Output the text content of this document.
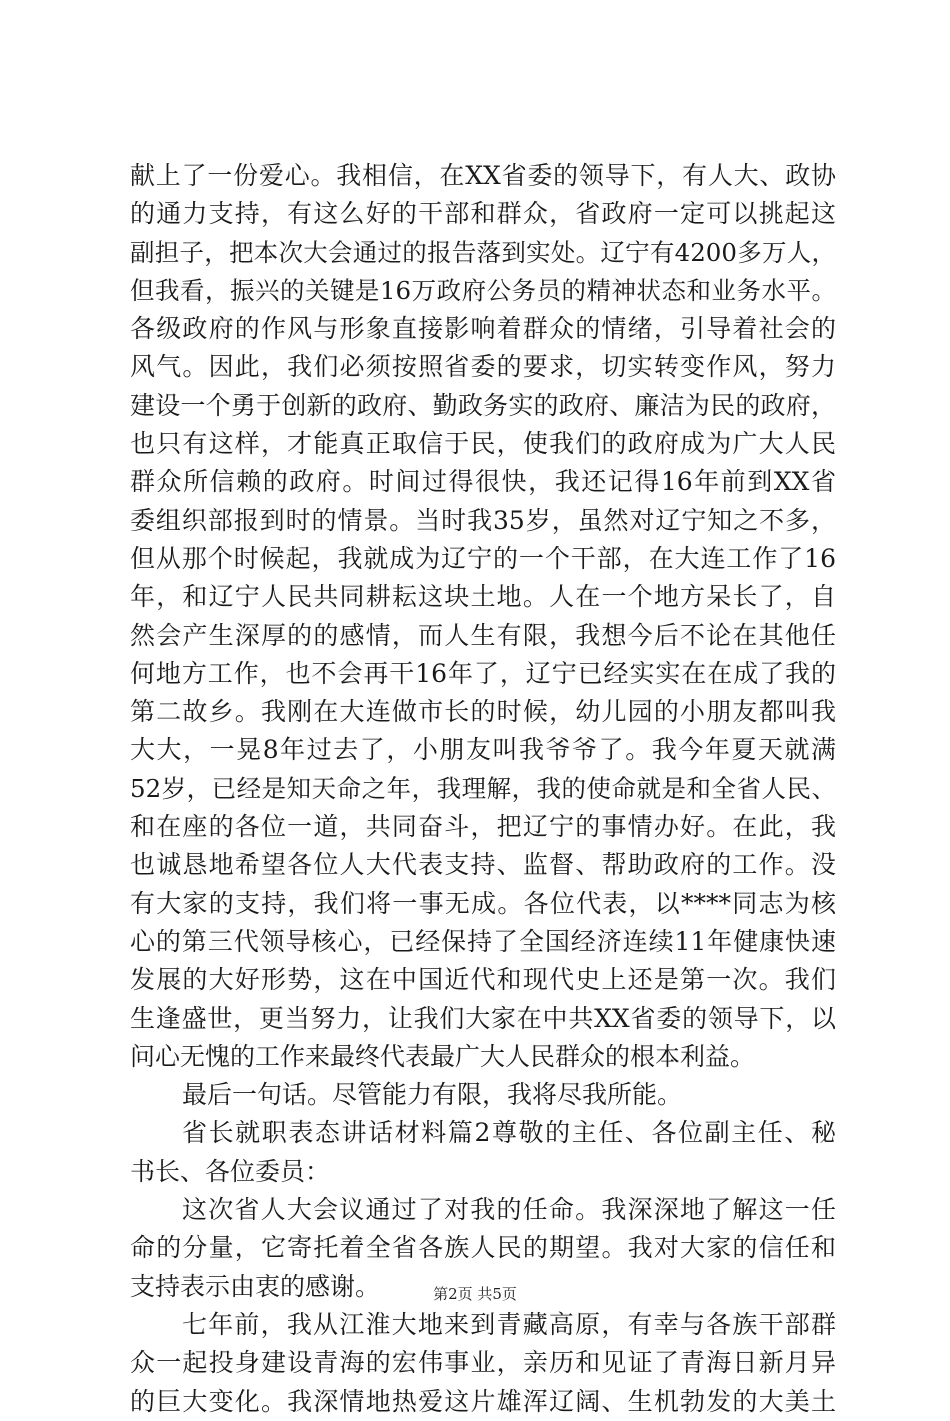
献上了一份爱心。我相信，在XX省委的领导下，有人大、政协
的通力支持，有这么好的干部和群众，省政府一定可以挑起这
副担子，把本次大会通过的报告落到实处。辽宁有4200多万人，
但我看，振兴的关键是16万政府公务员的精神状态和业务水平。
各级政府的作风与形象直接影响着群众的情绪，引导着社会的
风气。因此，我们必须按照省委的要求，切实转变作风，努力
建设一个勇于创新的政府、勤政务实的政府、廉洁为民的政府，
也只有这样，才能真正取信于民，使我们的政府成为广大人民
群众所信赖的政府。时间过得很快，我还记得16年前到XX省
委组织部报到时的情景。当时我35岁，虽然对辽宁知之不多，
但从那个时候起，我就成为辽宁的一个干部，在大连工作了16
年，和辽宁人民共同耕耘这块土地。人在一个地方呆长了，自
然会产生深厚的的感情，而人生有限，我想今后不论在其他任
何地方工作，也不会再干16年了，辽宁已经实实在在成了我的
第二故乡。我刚在大连做市长的时候，幼儿园的小朋友都叫我
大大，一晃8年过去了，小朋友叫我爷爷了。我今年夏天就满
52岁，已经是知天命之年，我理解，我的使命就是和全省人民、
和在座的各位一道，共同奋斗，把辽宁的事情办好。在此，我
也诚恳地希望各位人大代表支持、监督、帮助政府的工作。没
有大家的支持，我们将一事无成。各位代表，以****同志为核
心的第三代领导核心，已经保持了全国经济连续11年健康快速
发展的大好形势，这在中国近代和现代史上还是第一次。我们
生逢盛世，更当努力，让我们大家在中共XX省委的领导下，以
问心无愧的工作来最终代表最广大人民群众的根本利益。
最后一句话。尽管能力有限，我将尽我所能。
省长就职表态讲话材料篇2尊敬的主任、各位副主任、秘
书长、各位委员：
这次省人大会议通过了对我的任命。我深深地了解这一任
命的分量，它寄托着全省各族人民的期望。我对大家的信任和
支持表示由衷的感谢。
七年前，我从江淮大地来到青藏高原，有幸与各族干部群
众一起投身建设青海的宏伟事业，亲历和见证了青海日新月异
的巨大变化。我深情地热爱这片雄浑辽阔、生机勃发的大美土
第2页 共5页
